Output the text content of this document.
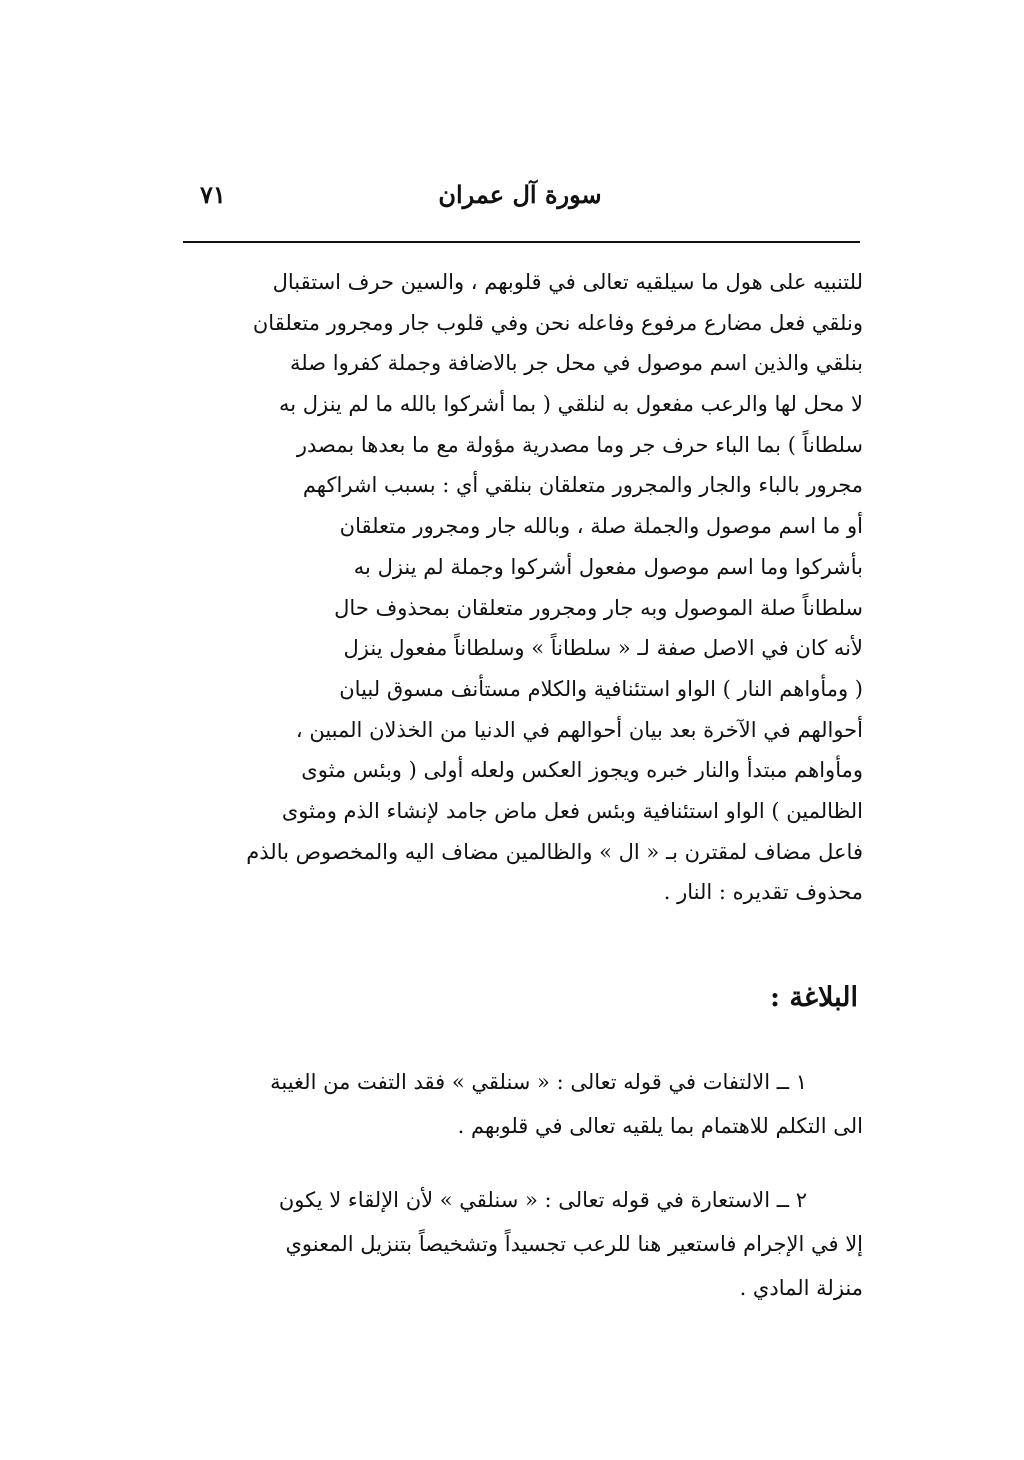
٧١	سورة آل عمران
للتنبيه على هول ما سيلقيه تعالى في قلوبهم ، والسين حرف استقبال
ونلقي فعل مضارع مرفوع وفاعله نحن وفي قلوب جار ومجرور متعلقان
بنلقي والذين اسم موصول في محل جر بالاضافة وجملة كفروا صلة
لا محل لها والرعب مفعول به لنلقي ( بما أشركوا بالله ما لم ينزل به
سلطاناً ) بما الباء حرف جر وما مصدرية مؤولة مع ما بعدها بمصدر
مجرور بالباء والجار والمجرور متعلقان بنلقي أي : بسبب اشراكهم
أو ما اسم موصول والجملة صلة ، وبالله جار ومجرور متعلقان
بأشركوا وما اسم موصول مفعول أشركوا وجملة لم ينزل به
سلطاناً صلة الموصول وبه جار ومجرور متعلقان بمحذوف حال
لأنه كان في الاصل صفة لـ « سلطاناً » وسلطاناً مفعول ينزل
( ومأواهم النار ) الواو استئنافية والكلام مستأنف مسوق لبيان
أحوالهم في الآخرة بعد بيان أحوالهم في الدنيا من الخذلان المبين ،
ومأواهم مبتدأ والنار خبره ويجوز العكس ولعله أولى ( وبئس مثوى
الظالمين ) الواو استئنافية وبئس فعل ماض جامد لإنشاء الذم ومثوى
فاعل مضاف لمقترن بـ « ال » والظالمين مضاف اليه والمخصوص بالذم
محذوف تقديره : النار .
البلاغة :
١ ــ الالتفات في قوله تعالى : « سنلقي » فقد التفت من الغيبة
الى التكلم للاهتمام بما يلقيه تعالى في قلوبهم .
٢ ــ الاستعارة في قوله تعالى : « سنلقي » لأن الإلقاء لا يكون
إلا في الإجرام فاستعير هنا للرعب تجسيداً وتشخيصاً بتنزيل المعنوي
منزلة المادي .
